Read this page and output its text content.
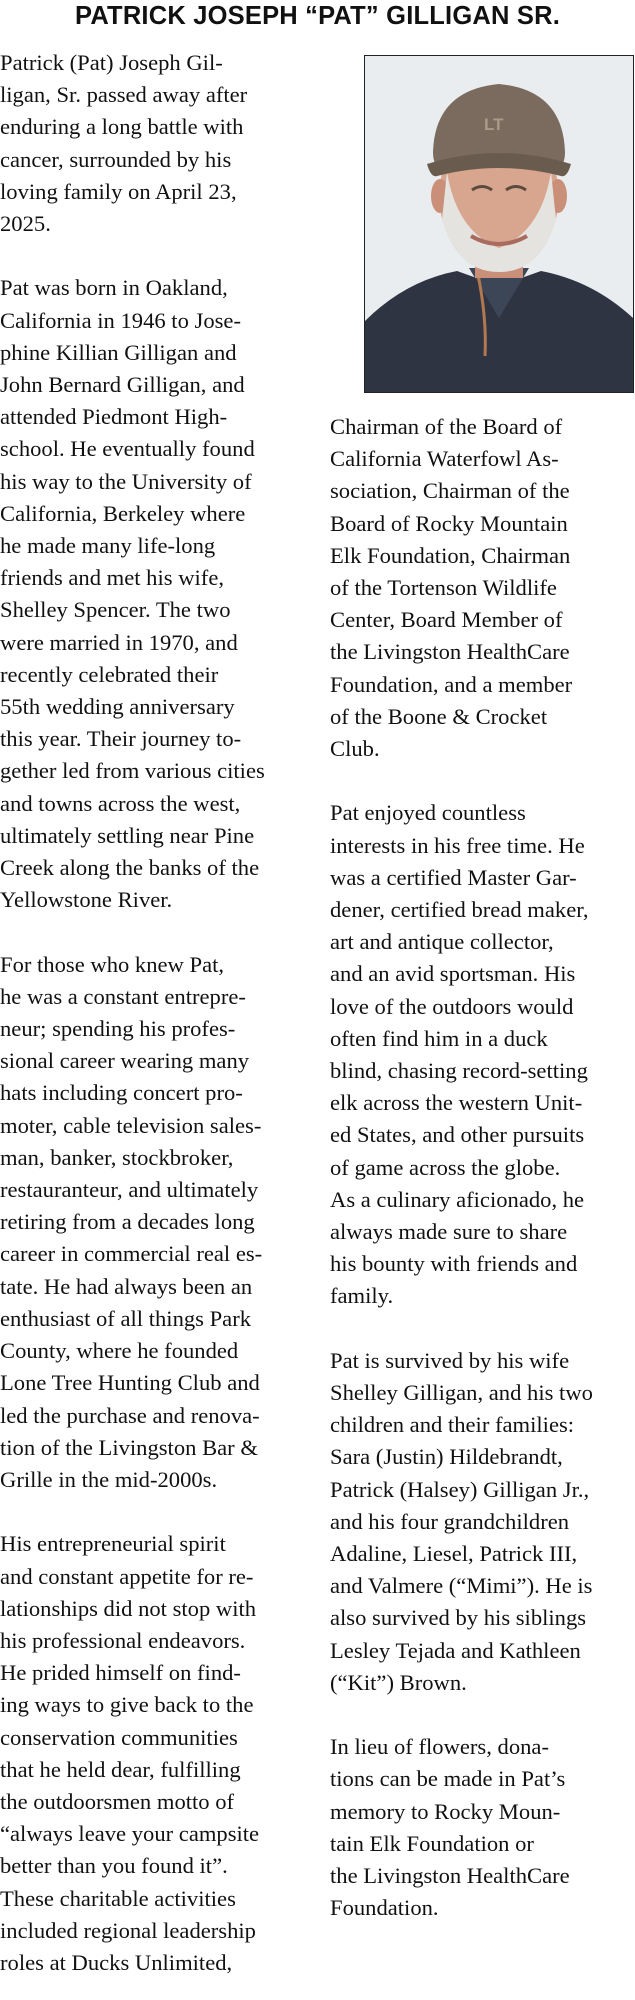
PATRICK JOSEPH “PAT” GILLIGAN SR.
LT

Patrick (Pat) Joseph Gil-
ligan, Sr. passed away after
enduring a long battle with
cancer, surrounded by his
loving family on April 23,
2025.

Pat was born in Oakland,
California in 1946 to Jose-
phine Killian Gilligan and
John Bernard Gilligan, and
attended Piedmont High-
school. He eventually found
his way to the University of
California, Berkeley where
he made many life-long
friends and met his wife,
Shelley Spencer. The two
were married in 1970, and
recently celebrated their
55th wedding anniversary
this year. Their journey to-
gether led from various cities
and towns across the west,
ultimately settling near Pine
Creek along the banks of the
Yellowstone River.

For those who knew Pat,
he was a constant entrepre-
neur; spending his profes-
sional career wearing many
hats including concert pro-
moter, cable television sales-
man, banker, stockbroker,
restauranteur, and ultimately
retiring from a decades long
career in commercial real es-
tate. He had always been an
enthusiast of all things Park
County, where he founded
Lone Tree Hunting Club and
led the purchase and renova-
tion of the Livingston Bar &
Grille in the mid-2000s.

His entrepreneurial spirit
and constant appetite for re-
lationships did not stop with
his professional endeavors.
He prided himself on find-
ing ways to give back to the
conservation communities
that he held dear, fulfilling
the outdoorsmen motto of
“always leave your campsite
better than you found it”.
These charitable activities
included regional leadership
roles at Ducks Unlimited,

Chairman of the Board of
California Waterfowl As-
sociation, Chairman of the
Board of Rocky Mountain
Elk Foundation, Chairman
of the Tortenson Wildlife
Center, Board Member of
the Livingston HealthCare
Foundation, and a member
of the Boone & Crocket
Club.

Pat enjoyed countless
interests in his free time. He
was a certified Master Gar-
dener, certified bread maker,
art and antique collector,
and an avid sportsman. His
love of the outdoors would
often find him in a duck
blind, chasing record-setting
elk across the western Unit-
ed States, and other pursuits
of game across the globe.
As a culinary aficionado, he
always made sure to share
his bounty with friends and
family.

Pat is survived by his wife
Shelley Gilligan, and his two
children and their families:
Sara (Justin) Hildebrandt,
Patrick (Halsey) Gilligan Jr.,
and his four grandchildren
Adaline, Liesel, Patrick III,
and Valmere (“Mimi”). He is
also survived by his siblings
Lesley Tejada and Kathleen
(“Kit”) Brown.

In lieu of flowers, dona-
tions can be made in Pat’s
memory to Rocky Moun-
tain Elk Foundation or
the Livingston HealthCare
Foundation.
